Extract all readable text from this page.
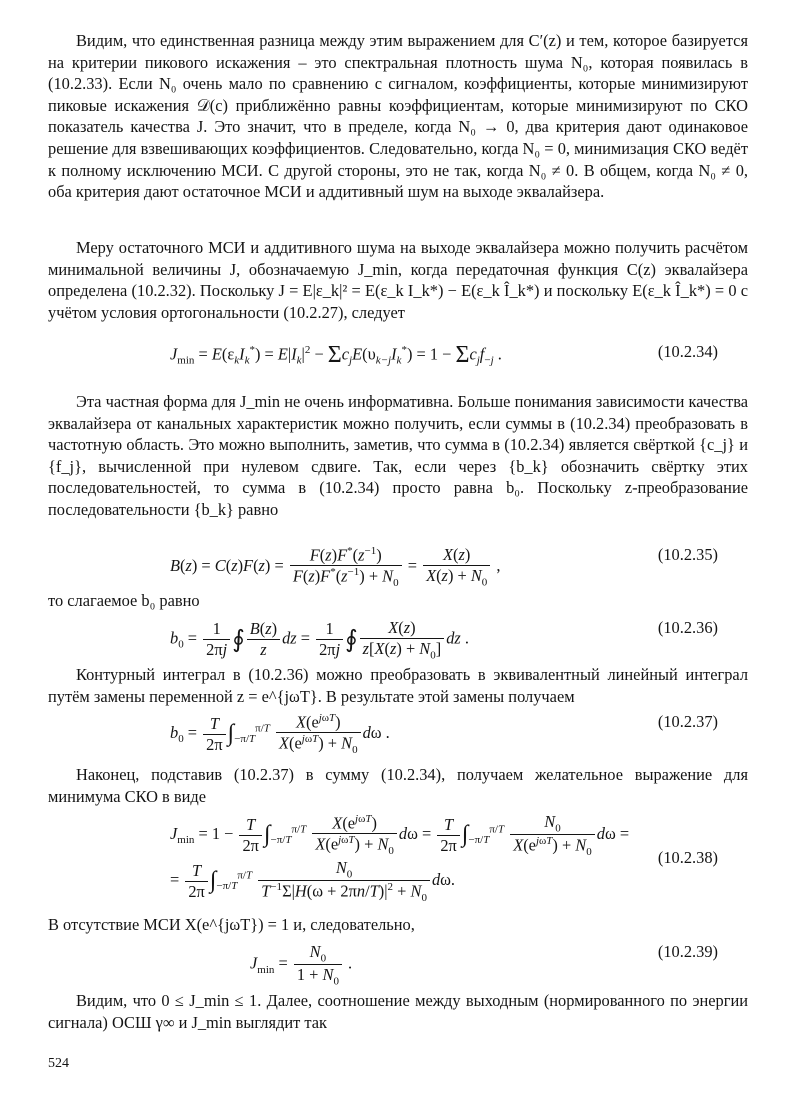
Видим, что единственная разница между этим выражением для C′(z) и тем, которое базируется на критерии пикового искажения – это спектральная плотность шума N₀, которая появилась в (10.2.33). Если N₀ очень мало по сравнению с сигналом, коэффициенты, которые минимизируют пиковые искажения 𝒟(c) приближённо равны коэффициентам, которые минимизируют по СКО показатель качества J. Это значит, что в пределе, когда N₀ → 0, два критерия дают одинаковое решение для взвешивающих коэффициентов. Следовательно, когда N₀ = 0, минимизация СКО ведёт к полному исключению МСИ. С другой стороны, это не так, когда N₀ ≠ 0. В общем, когда N₀ ≠ 0, оба критерия дают остаточное МСИ и аддитивный шум на выходе эквалайзера.

Меру остаточного МСИ и аддитивного шума на выходе эквалайзера можно получить расчётом минимальной величины J, обозначаемую J_min, когда передаточная функция C(z) эквалайзера определена (10.2.32). Поскольку J = E|ε_k|² = E(ε_k I_k*) − E(ε_k Î_k*) и поскольку E(ε_k Î_k*) = 0 с учётом условия ортогональности (10.2.27), следует

$J_{min} = E(\varepsilon_kI_k^*) = E|I_k|^2 - \Sigma c_jE(\upsilon_{k-j}I_k^*) = 1 - \Sigma c_jf_{-j}$ .	(10.2.34)

Эта частная форма для J_min не очень информативна. Больше понимания зависимости качества эквалайзера от канальных характеристик можно получить, если суммы в (10.2.34) преобразовать в частотную область. Это можно выполнить, заметив, что сумма в (10.2.34) является свёрткой {c_j} и {f_j}, вычисленной при нулевом сдвиге. Так, если через {b_k} обозначить свёртку этих последовательностей, то сумма в (10.2.34) просто равна b₀. Поскольку z-преобразование последовательности {b_k} равно

$B(z) = C(z)F(z) = \frac{F(z)F^*(z^{-1})}{F(z)F^*(z^{-1}) + N_0} = \frac{X(z)}{X(z) + N_0}$ ,
(10.2.35)

то слагаемое b₀ равно

$b_0 = \frac{1}{2\pi j}$ ∮ $\frac{B(z)}{z}$ dz = $\frac{1}{2\pi j}$ ∮ $\frac{X(z)}{z[X(z) + N_0]}$ dz .
(10.2.36)

Контурный интеграл в (10.2.36) можно преобразовать в эквивалентный линейный интеграл путём замены переменной z = e^{jωT}. В результате этой замены получаем

$b_0 = \frac{T}{2\pi} \int_{-\pi/T}^{\pi/T} \frac{X(e^{j\omega T})}{X(e^{j\omega T}) + N_0}$ dω .
(10.2.37)

Наконец, подставив (10.2.37) в сумму (10.2.34), получаем желательное выражение для минимума СКО в виде

$J_{min} = 1 - \frac{T}{2\pi} \int_{-\pi/T}^{\pi/T} \frac{X(e^{j\omega T})}{X(e^{j\omega T}) + N_0}$ $d\omega = \frac{T}{2\pi} \int_{-\pi/T}^{\pi/T} \frac{N_0}{X(e^{j\omega T}) + N_0}$ dω =
= $\frac{T}{2\pi} \int_{-\pi/T}^{\pi/T} \frac{N_0}{T^{-1}\Sigma|H(\omega + 2\pi n/T)|^2 + N_0} d\omega$.
(10.2.38)

В отсутствие МСИ X(e^{jωT}) = 1 и, следовательно,

$J_{min} = \frac{N_0}{1 + N_0}$ .
(10.2.39)

Видим, что 0 ≤ J_min ≤ 1. Далее, соотношение между выходным (нормированного по энергии сигнала) ОСШ γ∞ и J_min выглядит так

524
